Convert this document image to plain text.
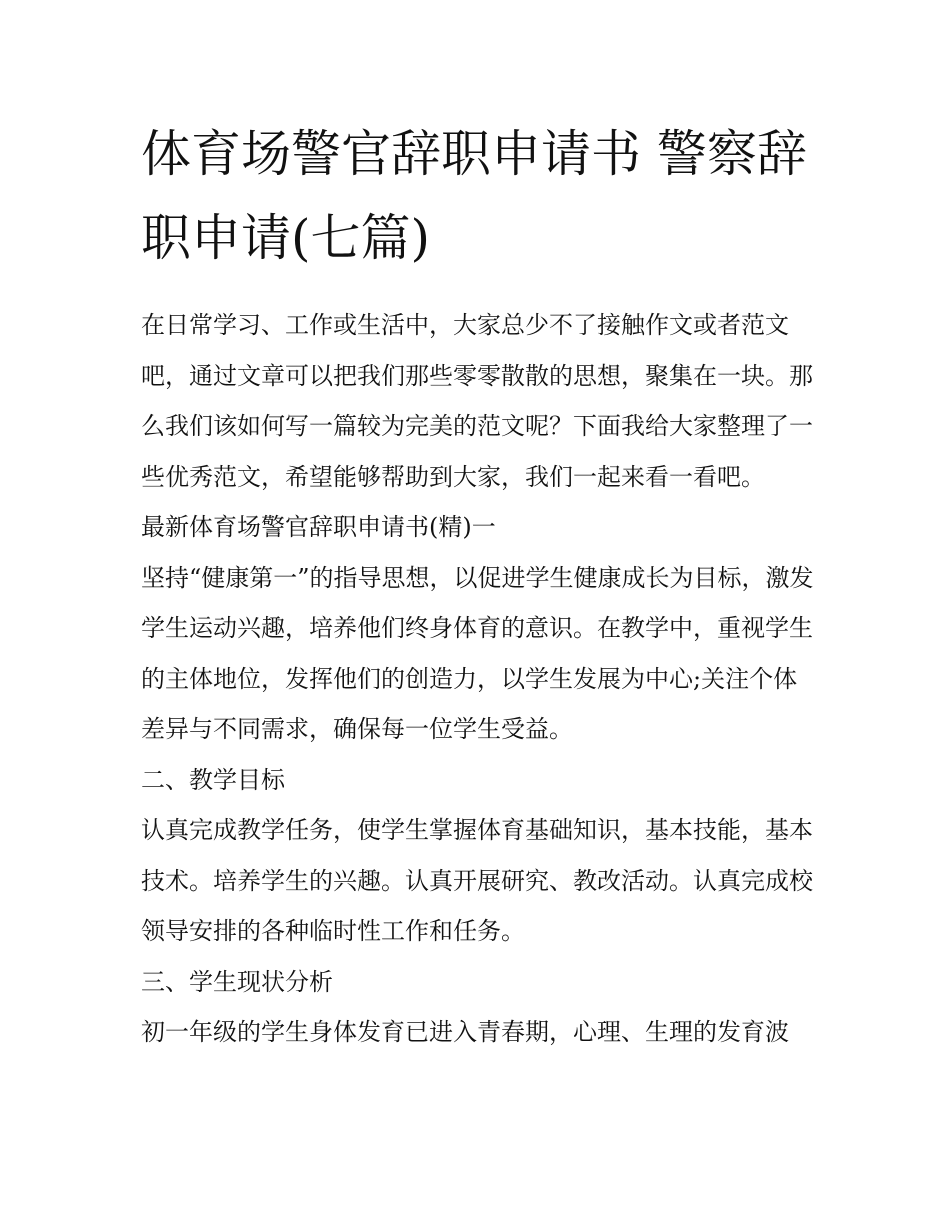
体育场警官辞职申请书 警察辞职申请(七篇)

在日常学习、工作或生活中，大家总少不了接触作文或者范文吧，通过文章可以把我们那些零零散散的思想，聚集在一块。那么我们该如何写一篇较为完美的范文呢？下面我给大家整理了一些优秀范文，希望能够帮助到大家，我们一起来看一看吧。

最新体育场警官辞职申请书(精)一

坚持“健康第一”的指导思想，以促进学生健康成长为目标，激发学生运动兴趣，培养他们终身体育的意识。在教学中，重视学生的主体地位，发挥他们的创造力，以学生发展为中心;关注个体差异与不同需求，确保每一位学生受益。

二、教学目标

认真完成教学任务，使学生掌握体育基础知识，基本技能，基本技术。培养学生的兴趣。认真开展研究、教改活动。认真完成校领导安排的各种临时性工作和任务。

三、学生现状分析

初一年级的学生身体发育已进入青春期，心理、生理的发育波
